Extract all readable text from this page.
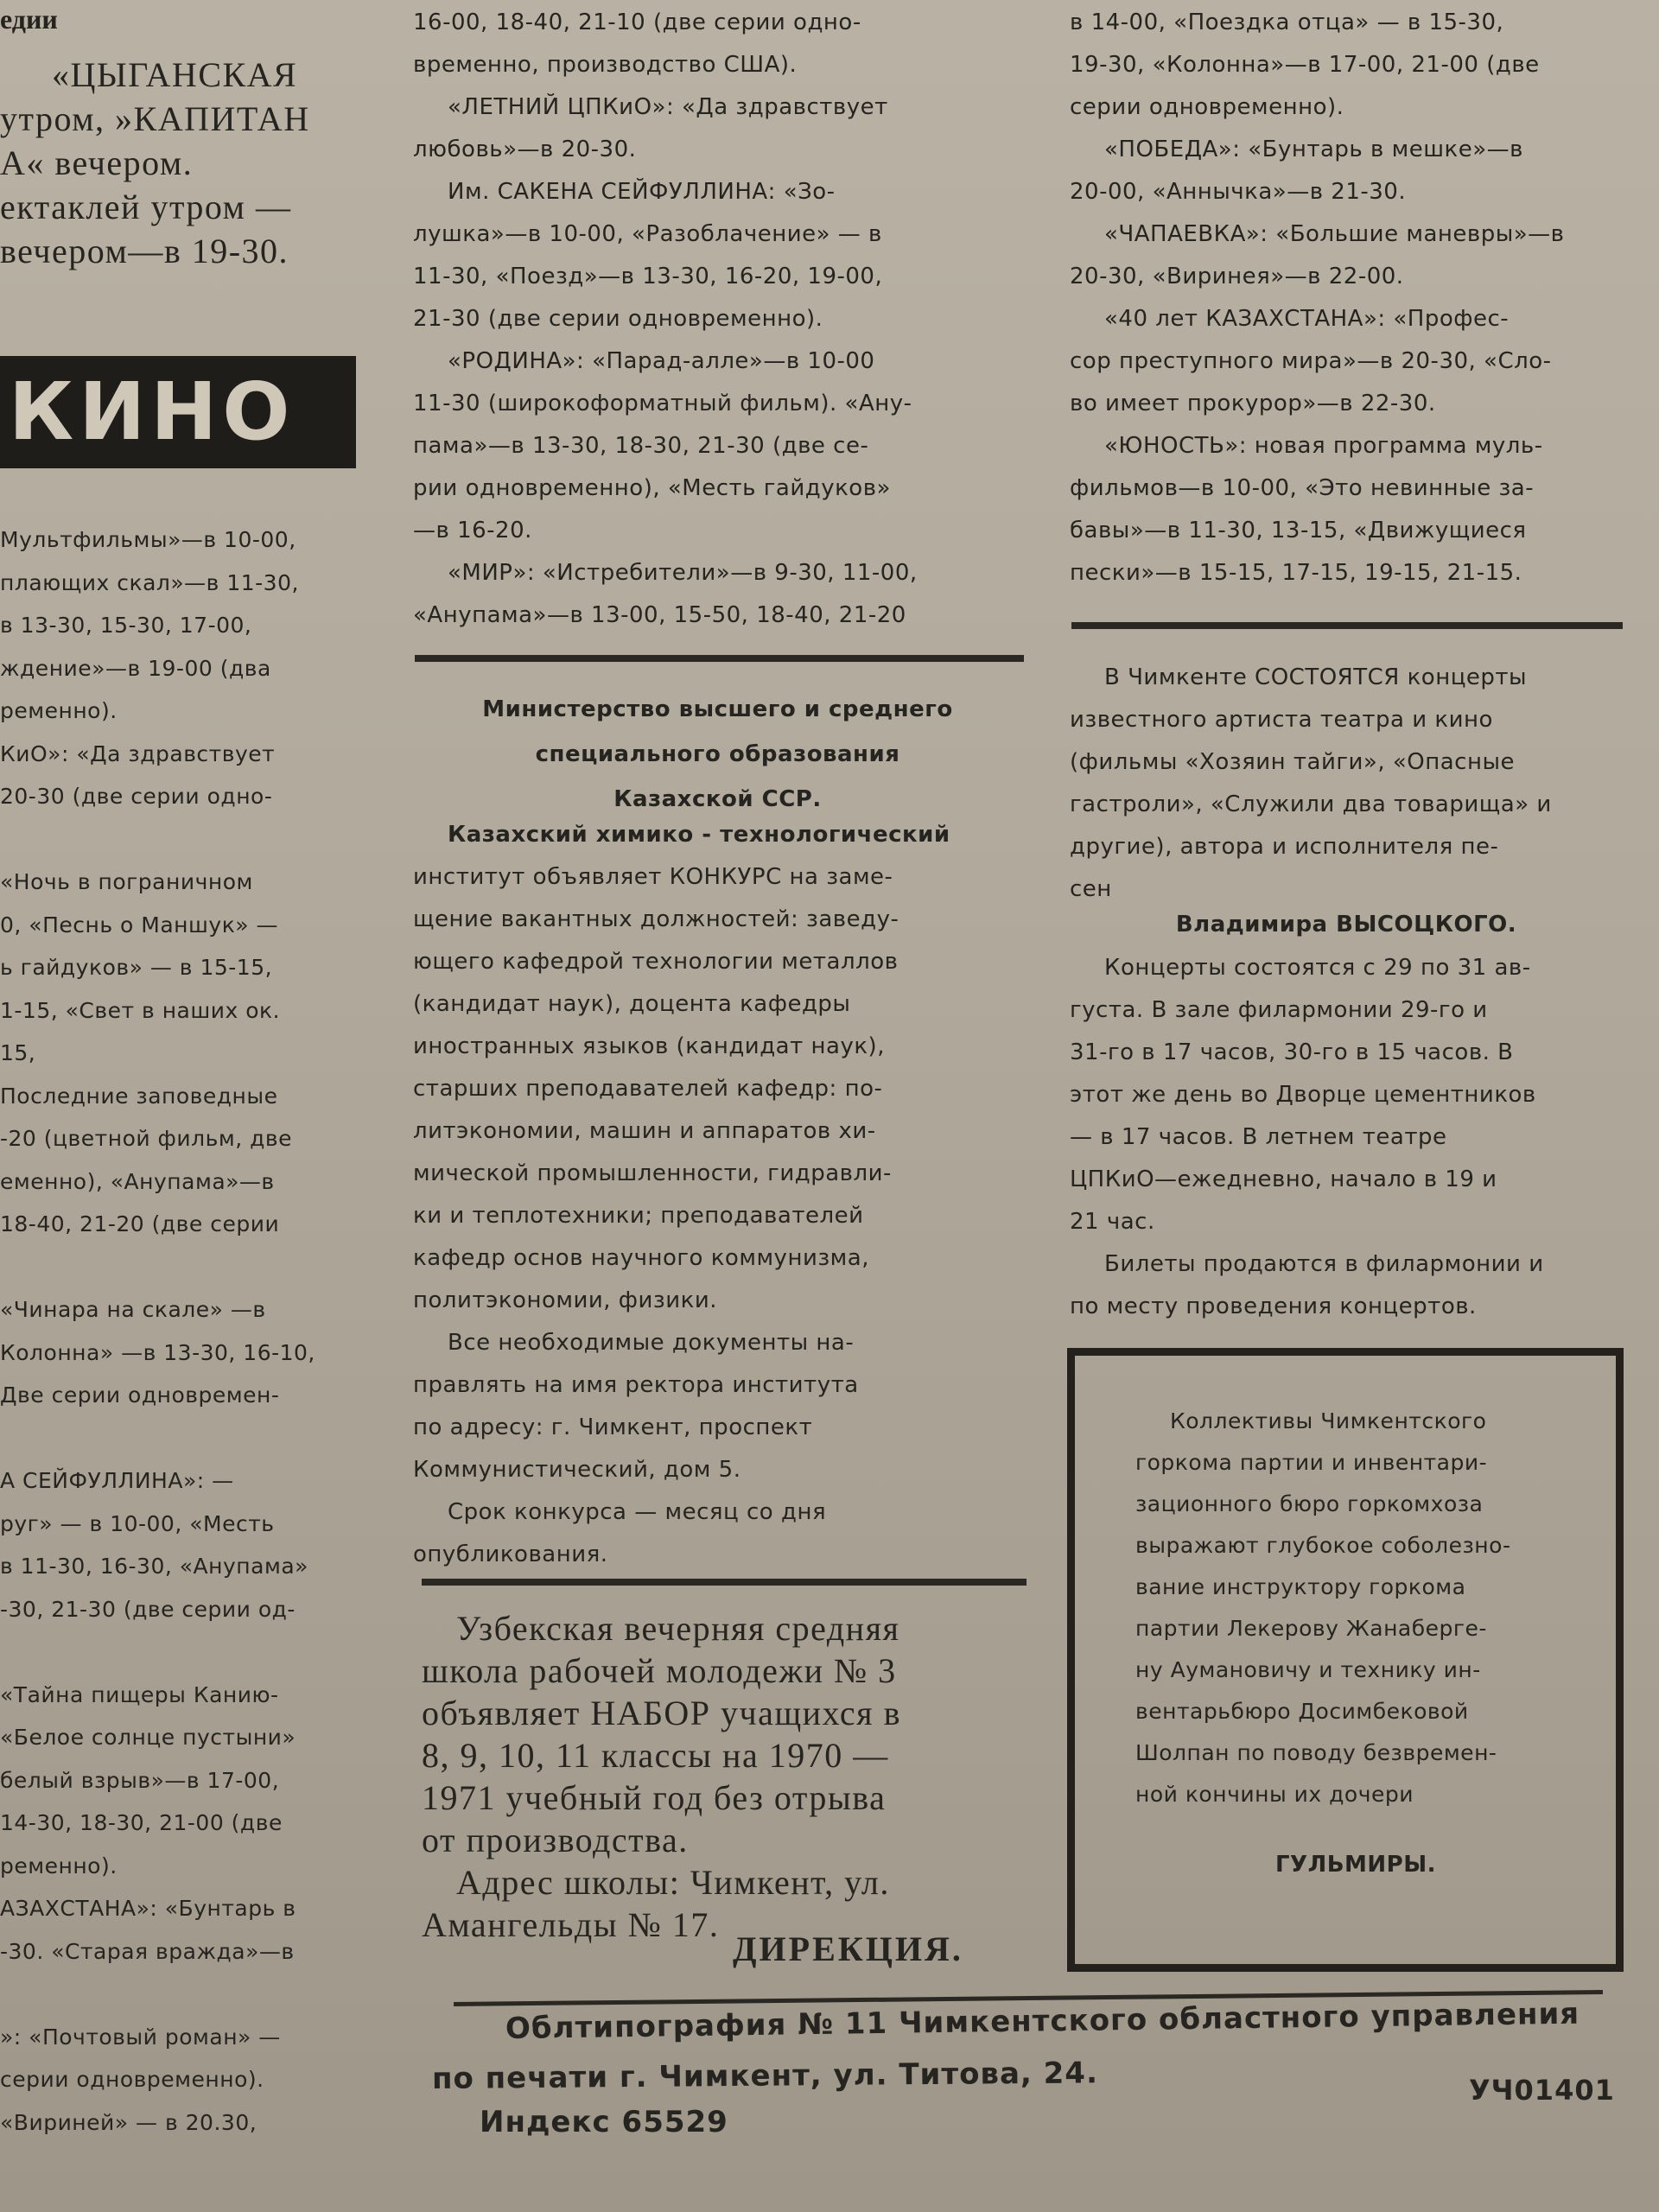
едии
«ЦЫГАНСКАЯ
утром, »КАПИТАН
А« вечером.
ектаклей утром —
вечером—в 19-30.
КИНО
Мультфильмы»—в 10-00,
плающих скал»—в 11-30,
в 13-30, 15-30, 17-00,
ждение»—в 19-00 (два
ременно).
КиО»: «Да здравствует
20-30 (две серии одно-

«Ночь в пограничном
0, «Песнь о Маншук» —
ь гайдуков» — в 15-15,
1-15, «Свет в наших ок.
15,
Последние заповедные
-20 (цветной фильм, две
еменно), «Анупама»—в
18-40, 21-20 (две серии

«Чинара на скале» —в
Колонна» —в 13-30, 16-10,
Две серии одновремен-

А СЕЙФУЛЛИНА»: —
руг» — в 10-00, «Месть
в 11-30, 16-30, «Анупама»
-30, 21-30 (две серии од-

«Тайна пищеры Канию-
«Белое солнце пустыни»
белый взрыв»—в 17-00,
14-30, 18-30, 21-00 (две
ременно).
АЗАХСТАНА»: «Бунтарь в
-30. «Старая вражда»—в

»: «Почтовый роман» —
серии одновременно).
«Вириней» — в 20.30,
16-00, 18-40, 21-10 (две серии одно-
временно, производство США).
«ЛЕТНИЙ ЦПКиО»: «Да здравствует
любовь»—в 20-30.
Им. САКЕНА СЕЙФУЛЛИНА: «Зо-
лушка»—в 10-00, «Разоблачение» — в
11-30, «Поезд»—в 13-30, 16-20, 19-00,
21-30 (две серии одновременно).
«РОДИНА»: «Парад-алле»—в 10-00
11-30 (широкоформатный фильм). «Ану-
пама»—в 13-30, 18-30, 21-30 (две се-
рии одновременно), «Месть гайдуков»
—в 16-20.
«МИР»: «Истребители»—в 9-30, 11-00,
«Анупама»—в 13-00, 15-50, 18-40, 21-20
Министерство высшего и среднего
специального образования
Казахской ССР.
Казахский химико - технологический
институт объявляет КОНКУРС на заме-
щение вакантных должностей: заведу-
ющего кафедрой технологии металлов
(кандидат наук), доцента кафедры
иностранных языков (кандидат наук),
старших преподавателей кафедр: по-
литэкономии, машин и аппаратов хи-
мической промышленности, гидравли-
ки и теплотехники; преподавателей
кафедр основ научного коммунизма,
политэкономии, физики.
Все необходимые документы на-
правлять на имя ректора института
по адресу: г. Чимкент, проспект
Коммунистический, дом 5.
Срок конкурса — месяц со дня
опубликования.
Узбекская вечерняя средняя
школа рабочей молодежи № 3
объявляет НАБОР учащихся в
8, 9, 10, 11 классы на 1970 —
1971 учебный год без отрыва
от производства.
Адрес школы: Чимкент, ул.
Амангельды № 17.
ДИРЕКЦИЯ.
в 14-00, «Поездка отца» — в 15-30,
19-30, «Колонна»—в 17-00, 21-00 (две
серии одновременно).
«ПОБЕДА»: «Бунтарь в мешке»—в
20-00, «Аннычка»—в 21-30.
«ЧАПАЕВКА»: «Большие маневры»—в
20-30, «Виринея»—в 22-00.
«40 лет КАЗАХСТАНА»: «Профес-
сор преступного мира»—в 20-30, «Сло-
во имеет прокурор»—в 22-30.
«ЮНОСТЬ»: новая программа муль-
фильмов—в 10-00, «Это невинные за-
бавы»—в 11-30, 13-15, «Движущиеся
пески»—в 15-15, 17-15, 19-15, 21-15.
В Чимкенте СОСТОЯТСЯ концерты
известного артиста театра и кино
(фильмы «Хозяин тайги», «Опасные
гастроли», «Служили два товарища» и
другие), автора и исполнителя пе-
сен
Владимира ВЫСОЦКОГО.
Концерты состоятся с 29 по 31 ав-
густа. В зале филармонии 29-го и
31-го в 17 часов, 30-го в 15 часов. В
этот же день во Дворце цементников
— в 17 часов. В летнем театре
ЦПКиО—ежедневно, начало в 19 и
21 час.
Билеты продаются в филармонии и
по месту проведения концертов.
Коллективы Чимкентского
горкома партии и инвентари-
зационного бюро горкомхоза
выражают глубокое соболезно-
вание инструктору горкома
партии Лекерову Жанаберге-
ну Аумановичу и технику ин-
вентарьбюро Досимбековой
Шолпан по поводу безвремен-
ной кончины их дочери
ГУЛЬМИРЫ.
Облтипография № 11 Чимкентского областного управления
по печати г. Чимкент, ул. Титова, 24.
Индекс 65529
УЧ01401
